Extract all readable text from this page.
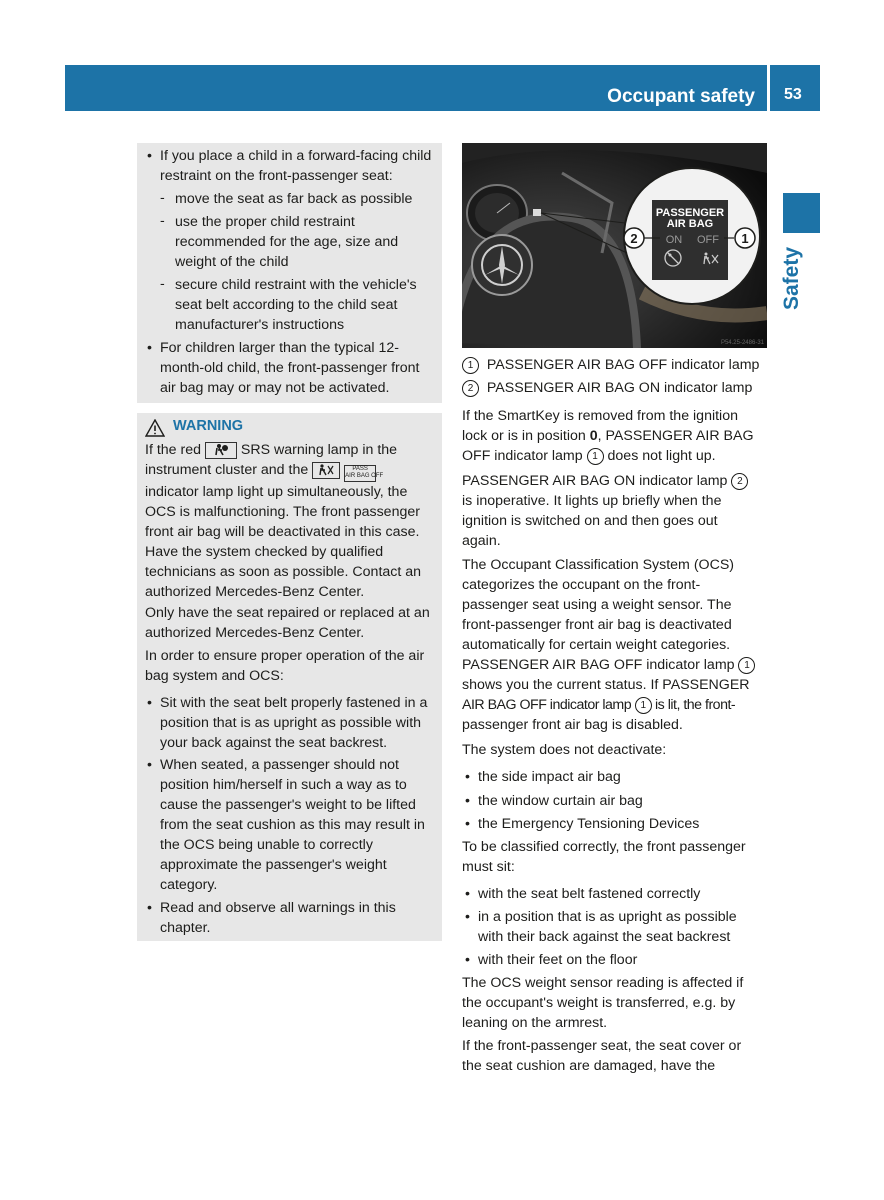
Occupant safety 53
Safety
• If you place a child in a forward-facing child
restraint on the front-passenger seat:

- move the seat as far back as possible

- use the proper child restraint
recommended for the age, size and
weight of the child

- secure child restraint with the vehicle's
seat belt according to the child seat
manufacturer's instructions

• For children larger than the typical 12-
month-old child, the front-passenger front
air bag may or may not be activated.

WARNING

If the red	SRS warning lamp in the
instrument cluster and the	PASS
AIR BAG OFF
indicator lamp light up simultaneously, the
OCS is malfunctioning. The front passenger
front air bag will be deactivated in this case.
Have the system checked by qualified
technicians as soon as possible. Contact an
authorized Mercedes-Benz Center.

Only have the seat repaired or replaced at an
authorized Mercedes-Benz Center.

In order to ensure proper operation of the air
bag system and OCS:

• Sit with the seat belt properly fastened in a
position that is as upright as possible with
your back against the seat backrest.

• When seated, a passenger should not
position him/herself in such a way as to
cause the passenger's weight to be lifted
from the seat cushion as this may result in
the OCS being unable to correctly
approximate the passenger's weight
category.

• Read and observe all warnings in this
chapter.

PASSENGER
AIR BAG
ON OFF
2	1
P54.25-2486-31

1 PASSENGER AIR BAG OFF indicator lamp

2 PASSENGER AIR BAG ON indicator lamp

If the SmartKey is removed from the ignition
lock or is in position 0, PASSENGER AIR BAG
OFF indicator lamp 1 does not light up.

PASSENGER AIR BAG ON indicator lamp 2
is inoperative. It lights up briefly when the
ignition is switched on and then goes out
again.

The Occupant Classification System (OCS)
categorizes the occupant on the front-
passenger seat using a weight sensor. The
front-passenger front air bag is deactivated
automatically for certain weight categories.
PASSENGER AIR BAG OFF indicator lamp 1
shows you the current status. If PASSENGER
AIR BAG OFF indicator lamp 1 is lit, the front-
passenger front air bag is disabled.

The system does not deactivate:

• the side impact air bag

• the window curtain air bag

• the Emergency Tensioning Devices

To be classified correctly, the front passenger
must sit:

• with the seat belt fastened correctly

• in a position that is as upright as possible
with their back against the seat backrest

• with their feet on the floor

The OCS weight sensor reading is affected if
the occupant's weight is transferred, e.g. by
leaning on the armrest.

If the front-passenger seat, the seat cover or
the seat cushion are damaged, have the
